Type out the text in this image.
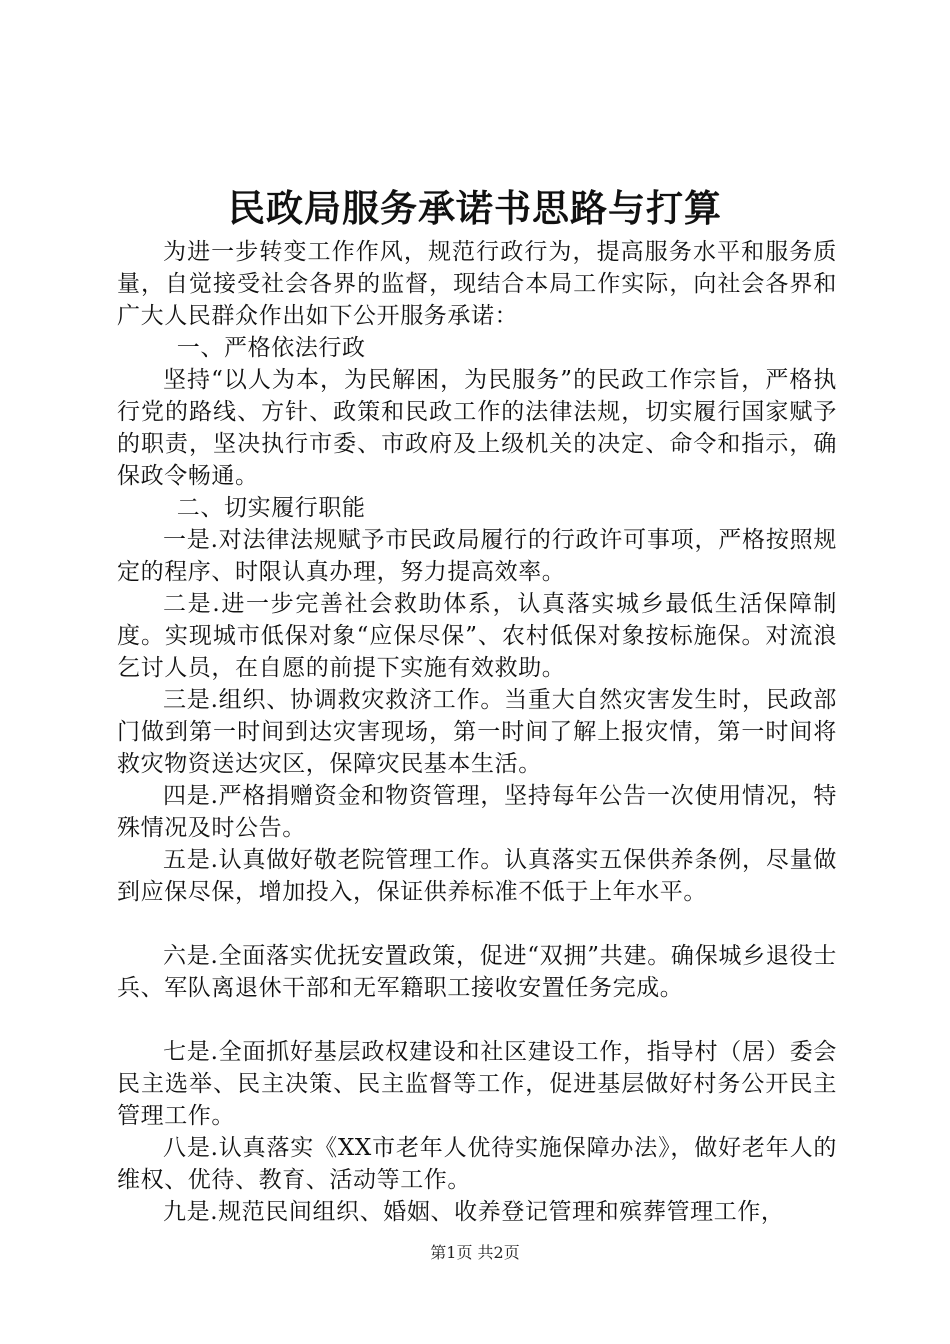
民政局服务承诺书思路与打算

为进一步转变工作作风，规范行政行为，提高服务水平和服务质量，自觉接受社会各界的监督，现结合本局工作实际，向社会各界和广大人民群众作出如下公开服务承诺：

一、严格依法行政

坚持“以人为本，为民解困，为民服务”的民政工作宗旨，严格执行党的路线、方针、政策和民政工作的法律法规，切实履行国家赋予的职责，坚决执行市委、市政府及上级机关的决定、命令和指示，确保政令畅通。

二、切实履行职能

一是.对法律法规赋予市民政局履行的行政许可事项，严格按照规定的程序、时限认真办理，努力提高效率。

二是.进一步完善社会救助体系，认真落实城乡最低生活保障制度。实现城市低保对象“应保尽保”、农村低保对象按标施保。对流浪乞讨人员，在自愿的前提下实施有效救助。

三是.组织、协调救灾救济工作。当重大自然灾害发生时，民政部门做到第一时间到达灾害现场，第一时间了解上报灾情，第一时间将救灾物资送达灾区，保障灾民基本生活。

四是.严格捐赠资金和物资管理，坚持每年公告一次使用情况，特殊情况及时公告。

五是.认真做好敬老院管理工作。认真落实五保供养条例，尽量做到应保尽保，增加投入，保证供养标准不低于上年水平。

六是.全面落实优抚安置政策，促进“双拥”共建。确保城乡退役士兵、军队离退休干部和无军籍职工接收安置任务完成。

七是.全面抓好基层政权建设和社区建设工作，指导村（居）委会民主选举、民主决策、民主监督等工作，促进基层做好村务公开民主管理工作。

八是.认真落实《XX市老年人优待实施保障办法》，做好老年人的维权、优待、教育、活动等工作。

九是.规范民间组织、婚姻、收养登记管理和殡葬管理工作，

第1页 共2页
